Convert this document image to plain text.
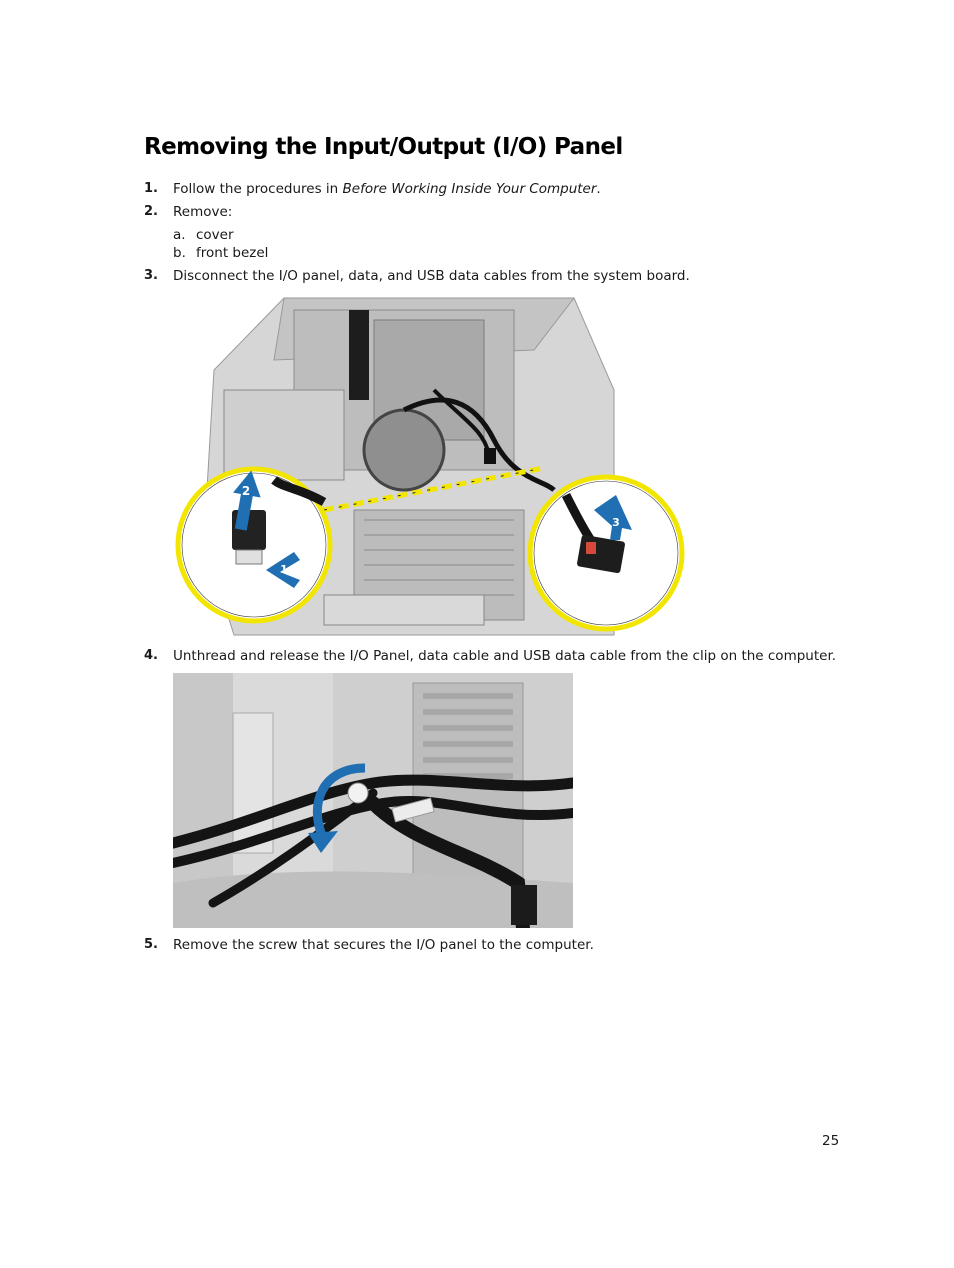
Removing the Input/Output (I/O) Panel
1. Follow the procedures in Before Working Inside Your Computer.
2. Remove:
a. cover
b. front bezel
3. Disconnect the I/O panel, data, and USB data cables from the system board.
2
1
3
4. Unthread and release the I/O Panel, data cable and USB data cable from the clip on the computer.
5. Remove the screw that secures the I/O panel to the computer.
25
